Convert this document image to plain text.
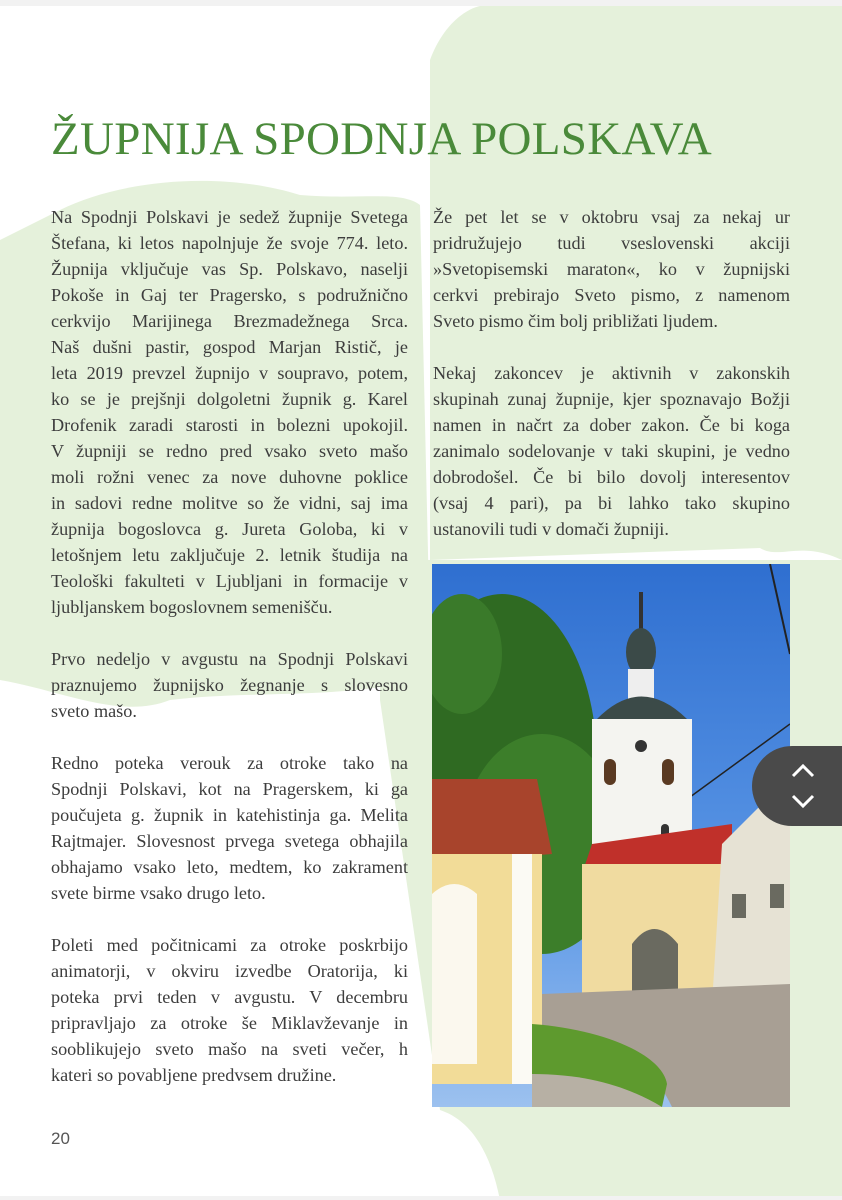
ŽUPNIJA SPODNJA POLSKAVA
Na Spodnji Polskavi je sedež župnije Svetega
Štefana, ki letos napolnjuje že svoje 774. leto.
Župnija vključuje vas Sp. Polskavo, naselji
Pokoše in Gaj ter Pragersko, s podružnično
cerkvijo Marijinega Brezmadežnega Srca.
Naš dušni pastir, gospod Marjan Ristič, je
leta 2019 prevzel župnijo v soupravo, potem,
ko se je prejšnji dolgoletni župnik g. Karel
Drofenik zaradi starosti in bolezni upokojil.
V župniji se redno pred vsako sveto mašo
moli rožni venec za nove duhovne poklice
in sadovi redne molitve so že vidni, saj ima
župnija bogoslovca g. Jureta Goloba, ki v
letošnjem letu zaključuje 2. letnik študija na
Teološki fakulteti v Ljubljani in formacije v
ljubljanskem bogoslovnem semenišču.
Prvo nedeljo v avgustu na Spodnji Polskavi
praznujemo župnijsko žegnanje s slovesno
sveto mašo.
Redno poteka verouk za otroke tako na
Spodnji Polskavi, kot na Pragerskem, ki ga
poučujeta g. župnik in katehistinja ga. Melita
Rajtmajer. Slovesnost prvega svetega obhajila
obhajamo vsako leto, medtem, ko zakrament
svete birme vsako drugo leto.
Poleti med počitnicami za otroke poskrbijo
animatorji, v okviru izvedbe Oratorija, ki
poteka prvi teden v avgustu. V decembru
pripravljajo za otroke še Miklavževanje in
sooblikujejo sveto mašo na sveti večer, h
kateri so povabljene predvsem družine.
Že pet let se v oktobru vsaj za nekaj ur
pridružujejo tudi vseslovenski akciji
»Svetopisemski maraton«, ko v župnijski
cerkvi prebirajo Sveto pismo, z namenom
Sveto pismo čim bolj približati ljudem.
Nekaj zakoncev je aktivnih v zakonskih
skupinah zunaj župnije, kjer spoznavajo Božji
namen in načrt za dober zakon. Če bi koga
zanimalo sodelovanje v taki skupini, je vedno
dobrodošel. Če bi bilo dovolj interesentov
(vsaj 4 pari), pa bi lahko tako skupino
ustanovili tudi v domači župniji.
20
